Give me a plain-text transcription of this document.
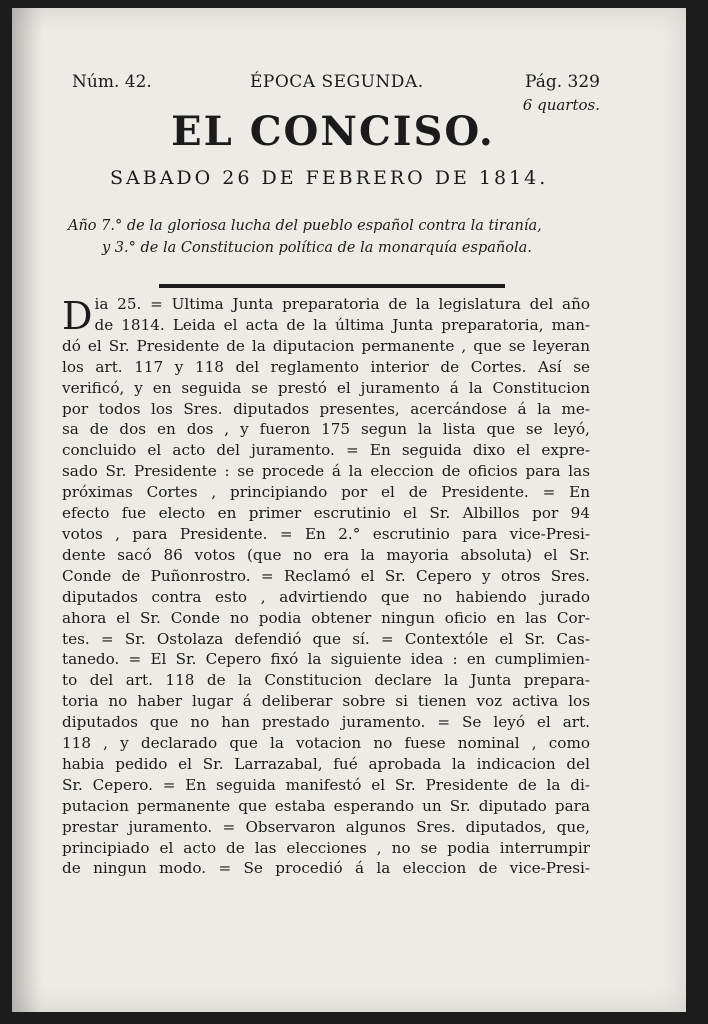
Núm. 42.	ÉPOCA SEGUNDA.	Pág. 329
6 quartos.
EL CONCISO.
SABADO 26 DE FEBRERO DE 1814.
Año 7.° de la gloriosa lucha del pueblo español contra la tiranía,
y 3.° de la Constitucion política de la monarquía española.
D ia 25. = Ultima Junta preparatoria de la legislatura del año
de 1814. Leida el acta de la última Junta preparatoria, man-
dó el Sr. Presidente de la diputacion permanente , que se leyeran
los art. 117 y 118 del reglamento interior de Cortes. Así se
verificó, y en seguida se prestó el juramento á la Constitucion
por todos los Sres. diputados presentes, acercándose á la me-
sa de dos en dos , y fueron 175 segun la lista que se leyó,
concluido el acto del juramento. = En seguida dixo el expre-
sado Sr. Presidente : se procede á la eleccion de oficios para las
próximas Cortes , principiando por el de Presidente. = En
efecto fue electo en primer escrutinio el Sr. Albillos por 94
votos , para Presidente. = En 2.° escrutinio para vice-Presi-
dente sacó 86 votos (que no era la mayoria absoluta) el Sr.
Conde de Puñonrostro. = Reclamó el Sr. Cepero y otros Sres.
diputados contra esto , advirtiendo que no habiendo jurado
ahora el Sr. Conde no podia obtener ningun oficio en las Cor-
tes. = Sr. Ostolaza defendió que sí. = Contextóle el Sr. Cas-
tanedo. = El Sr. Cepero fixó la siguiente idea : en cumplimien-
to del art. 118 de la Constitucion declare la Junta prepara-
toria no haber lugar á deliberar sobre si tienen voz activa los
diputados que no han prestado juramento. = Se leyó el art.
118 , y declarado que la votacion no fuese nominal , como
habia pedido el Sr. Larrazabal, fué aprobada la indicacion del
Sr. Cepero. = En seguida manifestó el Sr. Presidente de la di-
putacion permanente que estaba esperando un Sr. diputado para
prestar juramento. = Observaron algunos Sres. diputados, que,
principiado el acto de las elecciones , no se podia interrumpir
de ningun modo. = Se procedió á la eleccion de vice-Presi-
